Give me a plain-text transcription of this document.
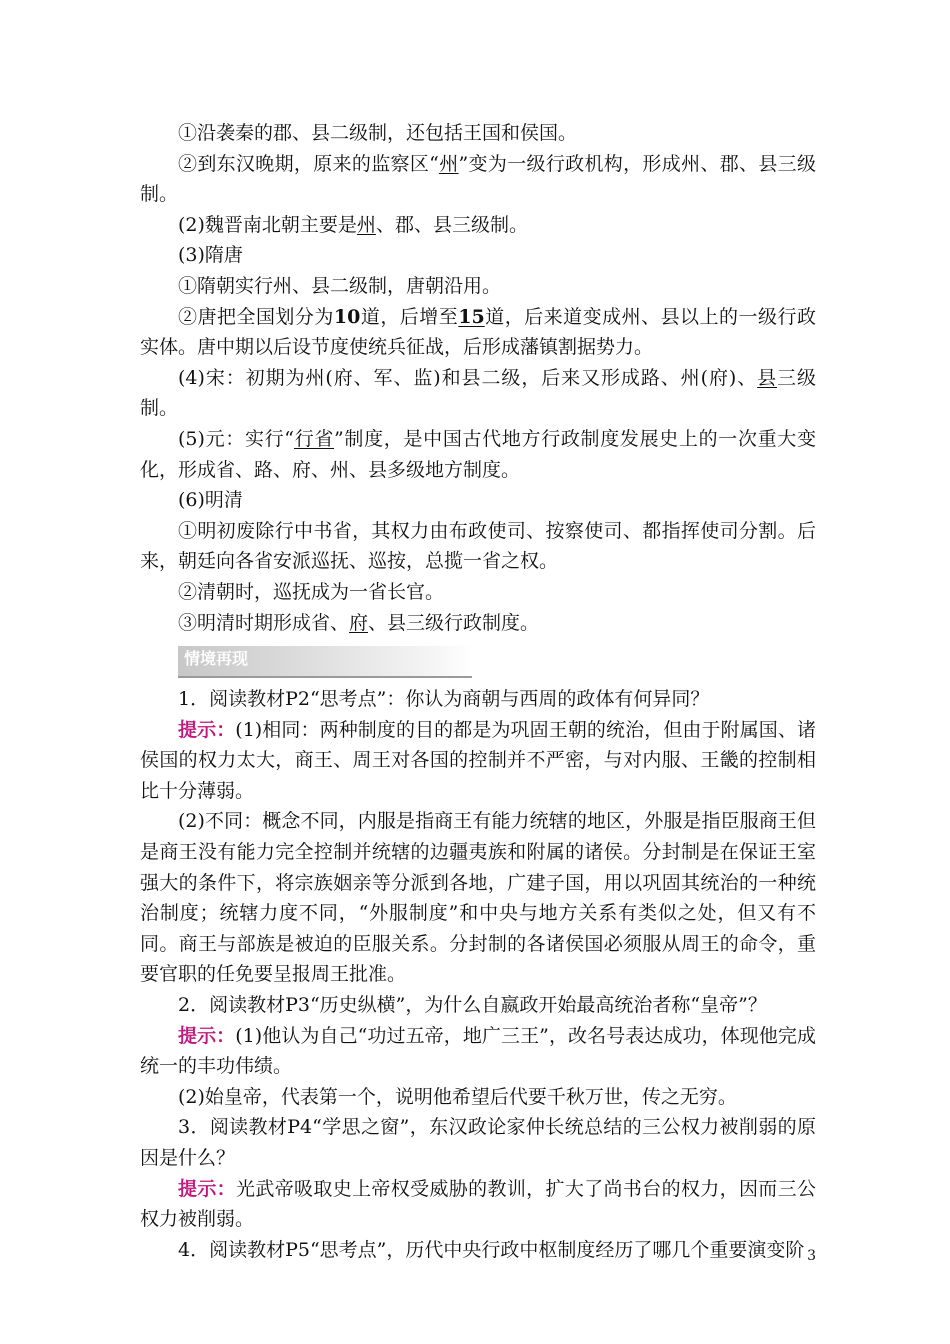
①沿袭秦的郡、县二级制，还包括王国和侯国。

②到东汉晚期，原来的监察区“州”变为一级行政机构，形成州、郡、县三级制。

(2)魏晋南北朝主要是州、郡、县三级制。

(3)隋唐

①隋朝实行州、县二级制，唐朝沿用。

②唐把全国划分为10道，后增至15道，后来道变成州、县以上的一级行政实体。唐中期以后设节度使统兵征战，后形成藩镇割据势力。

(4)宋：初期为州(府、军、监)和县二级，后来又形成路、州(府)、县三级制。

(5)元：实行“行省”制度，是中国古代地方行政制度发展史上的一次重大变化，形成省、路、府、州、县多级地方制度。

(6)明清

①明初废除行中书省，其权力由布政使司、按察使司、都指挥使司分割。后来，朝廷向各省安派巡抚、巡按，总揽一省之权。

②清朝时，巡抚成为一省长官。

③明清时期形成省、府、县三级行政制度。

情境再现

1．阅读教材P2“思考点”：你认为商朝与西周的政体有何异同？

提示：(1)相同：两种制度的目的都是为巩固王朝的统治，但由于附属国、诸侯国的权力太大，商王、周王对各国的控制并不严密，与对内服、王畿的控制相比十分薄弱。

(2)不同：概念不同，内服是指商王有能力统辖的地区，外服是指臣服商王但是商王没有能力完全控制并统辖的边疆夷族和附属的诸侯。分封制是在保证王室强大的条件下，将宗族姻亲等分派到各地，广建子国，用以巩固其统治的一种统治制度；统辖力度不同，“外服制度”和中央与地方关系有类似之处，但又有不同。商王与部族是被迫的臣服关系。分封制的各诸侯国必须服从周王的命令，重要官职的任免要呈报周王批准。

2．阅读教材P3“历史纵横”，为什么自嬴政开始最高统治者称“皇帝”？

提示：(1)他认为自己“功过五帝，地广三王”，改名号表达成功，体现他完成统一的丰功伟绩。

(2)始皇帝，代表第一个，说明他希望后代要千秋万世，传之无穷。

3．阅读教材P4“学思之窗”，东汉政论家仲长统总结的三公权力被削弱的原因是什么？

提示：光武帝吸取史上帝权受威胁的教训，扩大了尚书台的权力，因而三公权力被削弱。

4．阅读教材P5“思考点”，历代中央行政中枢制度经历了哪几个重要演变阶 3
